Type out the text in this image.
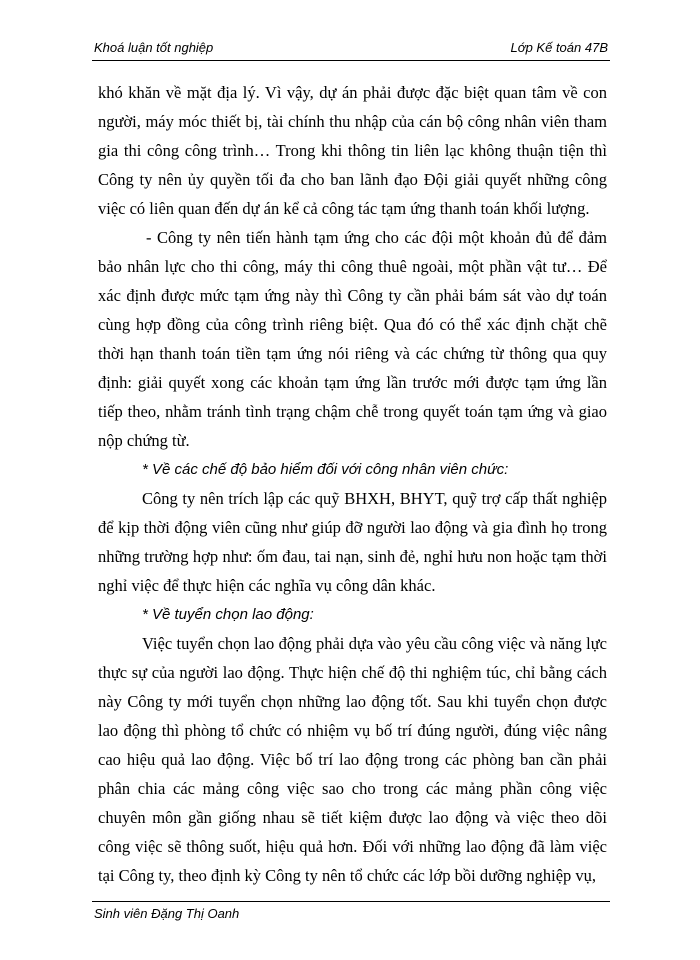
Khoá luận tốt nghiệp	Lớp Kế toán 47B

khó khăn về mặt địa lý. Vì vậy, dự án phải được đặc biệt quan tâm về con người, máy móc thiết bị, tài chính thu nhập của cán bộ công nhân viên tham gia thi công công trình… Trong khi thông tin liên lạc không thuận tiện thì Công ty nên ủy quyền tối đa cho ban lãnh đạo Đội giải quyết những công việc có liên quan đến dự án kể cả công tác tạm ứng thanh toán khối lượng.

- Công ty nên tiến hành tạm ứng cho các đội một khoản đủ để đảm bảo nhân lực cho thi công, máy thi công thuê ngoài, một phần vật tư… Để xác định được mức tạm ứng này thì Công ty cần phải bám sát vào dự toán cùng hợp đồng của công trình riêng biệt. Qua đó có thể xác định chặt chẽ thời hạn thanh toán tiền tạm ứng nói riêng và các chứng từ thông qua quy định: giải quyết xong các khoản tạm ứng lần trước mới được tạm ứng lần tiếp theo, nhằm tránh tình trạng chậm chễ trong quyết toán tạm ứng và giao nộp chứng từ.

* Về các chế độ bảo hiểm đối với công nhân viên chức:

Công ty nên trích lập các quỹ BHXH, BHYT, quỹ trợ cấp thất nghiệp để kịp thời động viên cũng như giúp đỡ người lao động và gia đình họ trong những trường hợp như: ốm đau, tai nạn, sinh đẻ, nghỉ hưu non hoặc tạm thời nghỉ việc để thực hiện các nghĩa vụ công dân khác.

* Về tuyển chọn lao động:

Việc tuyển chọn lao động phải dựa vào yêu cầu công việc và năng lực thực sự của người lao động. Thực hiện chế độ thi nghiệm túc, chỉ bằng cách này Công ty mới tuyển chọn những lao động tốt. Sau khi tuyển chọn được lao động thì phòng tổ chức có nhiệm vụ bố trí đúng người, đúng việc nâng cao hiệu quả lao động. Việc bố trí lao động trong các phòng ban cần phải phân chia các mảng công việc sao cho trong các mảng phần công việc chuyên môn gần giống nhau sẽ tiết kiệm được lao động và việc theo dõi công việc sẽ thông suốt, hiệu quả hơn. Đối với những lao động đã làm việc tại Công ty, theo định kỳ Công ty nên tổ chức các lớp bồi dưỡng nghiệp vụ,

Sinh viên Đặng Thị Oanh
